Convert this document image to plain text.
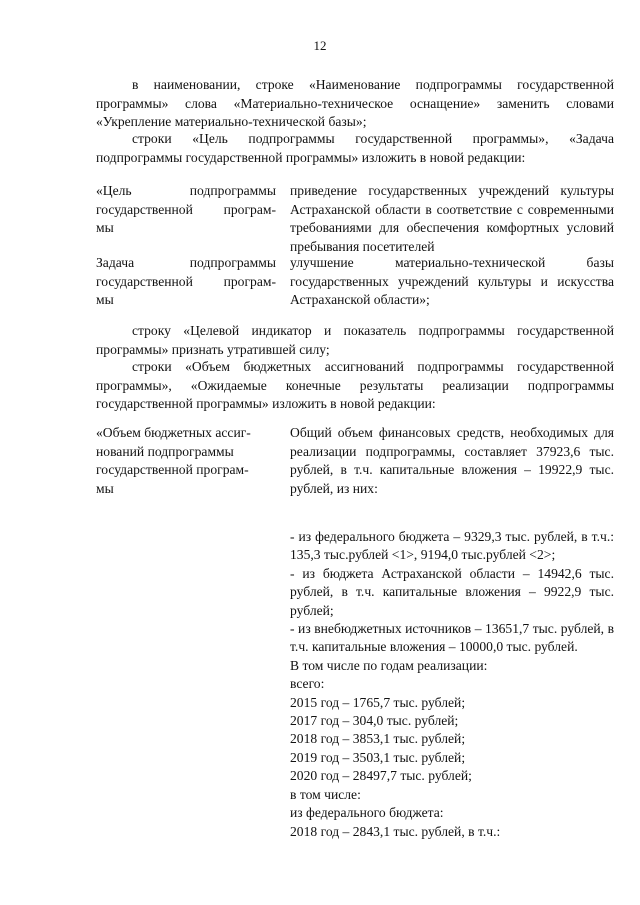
12
в наименовании, строке «Наименование подпрограммы государственной программы» слова «Материально-техническое оснащение» заменить словами «Укрепление материально-технической базы»;
строки «Цель подпрограммы государственной программы», «Задача подпрограммы государственной программы» изложить в новой редакции:
«Цель подпрограммы
государственной програм-
мы
приведение государственных учреждений культуры Астраханской области в соответствие с современными требованиями для обеспечения комфортных условий пребывания посетителей
Задача подпрограммы
государственной програм-
мы
улучшение материально-технической базы государственных учреждений культуры и искусства Астраханской области»;
строку «Целевой индикатор и показатель подпрограммы государственной программы» признать утратившей силу;
строки «Объем бюджетных ассигнований подпрограммы государственной программы», «Ожидаемые конечные результаты реализации подпрограммы государственной программы» изложить в новой редакции:
«Объем бюджетных ассиг-
нований подпрограммы
государственной програм-
мы
Общий объем финансовых средств, необходимых для реализации подпрограммы, составляет 37923,6 тыс. рублей, в т.ч. капитальные вложения – 19922,9 тыс. рублей, из них:
- из федерального бюджета – 9329,3 тыс. рублей, в т.ч.: 135,3 тыс.рублей <1>, 9194,0 тыс.рублей <2>;
- из бюджета Астраханской области – 14942,6 тыс. рублей, в т.ч. капитальные вложения – 9922,9 тыс. рублей;
- из внебюджетных источников – 13651,7 тыс. рублей, в т.ч. капитальные вложения – 10000,0 тыс. рублей.
В том числе по годам реализации:
всего:
2015 год – 1765,7 тыс. рублей;
2017 год – 304,0 тыс. рублей;
2018 год – 3853,1 тыс. рублей;
2019 год – 3503,1 тыс. рублей;
2020 год – 28497,7 тыс. рублей;
в том числе:
из федерального бюджета:
2018 год – 2843,1 тыс. рублей, в т.ч.:
